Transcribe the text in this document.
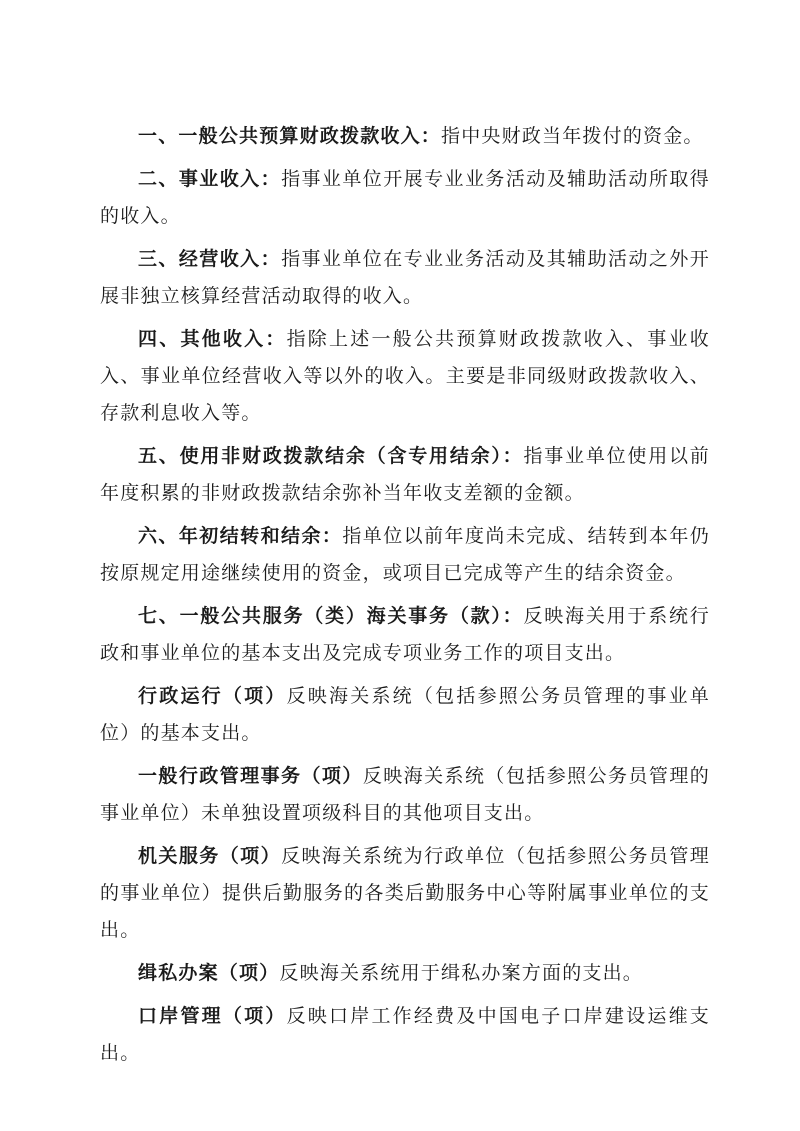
一、一般公共预算财政拨款收入：指中央财政当年拨付的资金。

二、事业收入：指事业单位开展专业业务活动及辅助活动所取得的收入。

三、经营收入：指事业单位在专业业务活动及其辅助活动之外开展非独立核算经营活动取得的收入。

四、其他收入：指除上述一般公共预算财政拨款收入、事业收入、事业单位经营收入等以外的收入。主要是非同级财政拨款收入、存款利息收入等。

五、使用非财政拨款结余（含专用结余）：指事业单位使用以前年度积累的非财政拨款结余弥补当年收支差额的金额。

六、年初结转和结余：指单位以前年度尚未完成、结转到本年仍按原规定用途继续使用的资金，或项目已完成等产生的结余资金。

七、一般公共服务（类）海关事务（款）：反映海关用于系统行政和事业单位的基本支出及完成专项业务工作的项目支出。

行政运行（项）反映海关系统（包括参照公务员管理的事业单位）的基本支出。

一般行政管理事务（项）反映海关系统（包括参照公务员管理的事业单位）未单独设置项级科目的其他项目支出。

机关服务（项）反映海关系统为行政单位（包括参照公务员管理的事业单位）提供后勤服务的各类后勤服务中心等附属事业单位的支出。

缉私办案（项）反映海关系统用于缉私办案方面的支出。

口岸管理（项）反映口岸工作经费及中国电子口岸建设运维支出。
